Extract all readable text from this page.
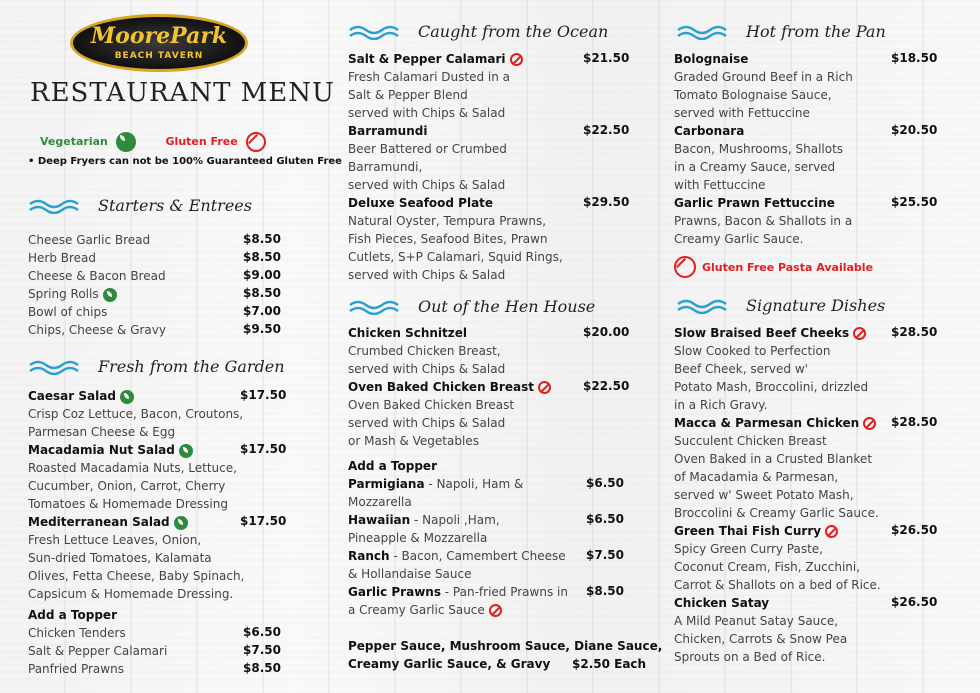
MoorePark
BEACH TAVERN
RESTAURANT MENU
Vegetarian	Gluten Free
• Deep Fryers can not be 100% Guaranteed Gluten Free
Starters & Entrees
Cheese Garlic Bread	$8.50
Herb Bread	$8.50
Cheese & Bacon Bread	$9.00
Spring Rolls	$8.50
Bowl of chips	$7.00
Chips, Cheese & Gravy	$9.50
Fresh from the Garden
Caesar Salad	$17.50
Crisp Coz Lettuce, Bacon, Croutons,
Parmesan Cheese & Egg
Macadamia Nut Salad	$17.50
Roasted Macadamia Nuts, Lettuce,
Cucumber, Onion, Carrot, Cherry
Tomatoes & Homemade Dressing
Mediterranean Salad	$17.50
Fresh Lettuce Leaves, Onion,
Sun-dried Tomatoes, Kalamata
Olives, Fetta Cheese, Baby Spinach,
Capsicum & Homemade Dressing.
Add a Topper
Chicken Tenders	$6.50
Salt & Pepper Calamari	$7.50
Panfried Prawns	$8.50
Caught from the Ocean
Salt & Pepper Calamari	$21.50
Fresh Calamari Dusted in a
Salt & Pepper Blend
served with Chips & Salad
Barramundi	$22.50
Beer Battered or Crumbed
Barramundi,
served with Chips & Salad
Deluxe Seafood Plate	$29.50
Natural Oyster, Tempura Prawns,
Fish Pieces, Seafood Bites, Prawn
Cutlets, S+P Calamari, Squid Rings,
served with Chips & Salad
Out of the Hen House
Chicken Schnitzel	$20.00
Crumbed Chicken Breast,
served with Chips & Salad
Oven Baked Chicken Breast	$22.50
Oven Baked Chicken Breast
served with Chips & Salad
or Mash & Vegetables
Add a Topper
Parmigiana - Napoli, Ham &
Mozzarella
$6.50
Hawaiian - Napoli ,Ham,
Pineapple & Mozzarella
$6.50
Ranch - Bacon, Camembert Cheese
& Hollandaise Sauce
$7.50
Garlic Prawns - Pan-fried Prawns in
a Creamy Garlic Sauce
$8.50
Pepper Sauce, Mushroom Sauce, Diane Sauce,
Creamy Garlic Sauce, & Gravy $2.50 Each
Hot from the Pan
Bolognaise	$18.50
Graded Ground Beef in a Rich
Tomato Bolognaise Sauce,
served with Fettuccine
Carbonara	$20.50
Bacon, Mushrooms, Shallots
in a Creamy Sauce, served
with Fettuccine
Garlic Prawn Fettuccine	$25.50
Prawns, Bacon & Shallots in a
Creamy Garlic Sauce.
Gluten Free Pasta Available
Signature Dishes
Slow Braised Beef Cheeks	$28.50
Slow Cooked to Perfection
Beef Cheek, served w'
Potato Mash, Broccolini, drizzled
in a Rich Gravy.
Macca & Parmesan Chicken	$28.50
Succulent Chicken Breast
Oven Baked in a Crusted Blanket
of Macadamia & Parmesan,
served w' Sweet Potato Mash,
Broccolini & Creamy Garlic Sauce.
Green Thai Fish Curry	$26.50
Spicy Green Curry Paste,
Coconut Cream, Fish, Zucchini,
Carrot & Shallots on a bed of Rice.
Chicken Satay	$26.50
A Mild Peanut Satay Sauce,
Chicken, Carrots & Snow Pea
Sprouts on a Bed of Rice.
